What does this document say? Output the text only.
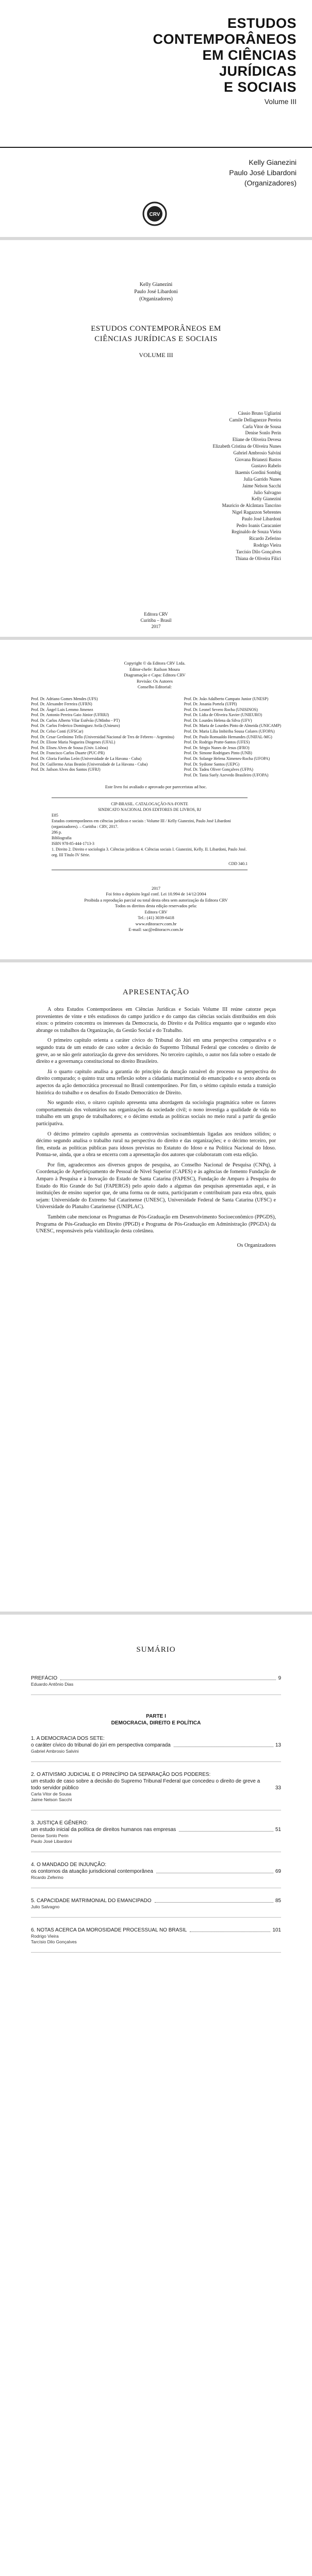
ESTUDOS
CONTEMPORÂNEOS
EM CIÊNCIAS
JURÍDICAS
E SOCIAIS
Volume III
Kelly Gianezini
Paulo José Libardoni
(Organizadores)
CRV
Kelly Gianezini
Paulo José Libardoni
(Organizadores)
ESTUDOS CONTEMPORÂNEOS EM
CIÊNCIAS JURÍDICAS E SOCIAIS
VOLUME III
Cássio Bruno Ugliarini
Camile Dellagnezze Pereira
Carla Vitor de Sousa
Denise Sonlo Perin
Eliane de Oliveira Devesa
Elizabeth Cristina de Oliveira Nunes
Gabriel Ambrosio Salvini
Giovana Brianezi Bastos
Gustavo Rabelo
Ikaemis Gordini Sombig
Julia Garrido Nunes
Jaime Nelson Sacchi
Julio Salvagno
Kelly Gianezini
Mauricio de Alcântara Tancrino
Nigel Ragazzon Sebrentes
Paulo José Libardoni
Pedro Ioanis Caracanier
Reginaldo de Souza Vieira
Ricardo Zeferino
Rodrigo Vieira
Tarcísio Dilo Gonçalves
Thiana de Oliveira Filici
Editora CRV
Curitiba – Brasil
2017
Copyright © da Editora CRV Ltda.
Editor-chefe: Railson Moura
Diagramação e Capa: Editora CRV
Revisão: Os Autores
Conselho Editorial:
Prof. Dr. Adriano Gomes Mendes (UFS)
Prof. Dr. Alexandre Ferreira (UFRN)
Prof. Dr. Ángel Luis Lemmo Jimenez
Prof. Dr. Antonio Pereira Gaio Júnior (UFRRJ)
Prof. Dr. Carlos Alberto Vilar Estêvão (UMinho - PT)
Prof. Dr. Carlos Federico Dominguez Avila (Unieuro)
Prof. Dr. Celso Conti (UFSCar)
Prof. Dr. Cesar Gerônimo Tello (Universidad Nacional de Tres de Febrero - Argentina)
Prof. Dr. Elione Maria Nogueira Diogenes (UFAL)
Prof. Dr. Eliseu Alves de Sousa (Univ. Lisboa)
Prof. Dr. Francisco Carlos Duarte (PUC-PR)
Prof. Dr. Gloria Fariñas León (Universidade de La Havana - Cuba)
Prof. Dr. Guillermo Arias Beatón (Universidade de La Havana - Cuba)
Prof. Dr. Jailson Alves dos Santos (UFRJ)
Prof. Dr. João Adalberto Campato Junior (UNESP)
Prof. Dr. Josania Portela (UFPI)
Prof. Dr. Leonel Severo Rocha (UNISINOS)
Prof. Dr. Lídia de Oliveira Xavier (UNIEURO)
Prof. Dr. Lourdes Helena da Silva (UFV)
Prof. Dr. Maria de Lourdes Pinto de Almeida (UNICAMP)
Prof. Dr. Maria Lília Imbiriba Sousa Colares (UFOPA)
Prof. Dr. Paulo Romualdo Hernandes (UNIFAL-MG)
Prof. Dr. Rodrigo Pratte-Santos (UFES)
Prof. Dr. Sérgio Nunes de Jesus (IFRO)
Prof. Dr. Simone Rodrigues Pinto (UNB)
Prof. Dr. Solange Helena Ximenes-Rocha (UFOPA)
Prof. Dr. Sydione Santos (UEPG)
Prof. Dr. Tadeu Oliver Gonçalves (UFPA)
Prof. Dr. Tania Suely Azevedo Brasileiro (UFOPA)
Este livro foi avaliado e aprovado por pareceristas ad hoc.
CIP-BRASIL. CATALOGAÇÃO-NA-FONTE
SINDICATO NACIONAL DOS EDITORES DE LIVROS, RJ
E85
Estudos contemporâneos em ciências jurídicas e sociais : Volume III / Kelly Gianezini, Paulo José Libardoni (organizadores). – Curitiba : CRV, 2017.
286 p.
Bibliografia
ISBN 978-85-444-1713-3
1. Direito 2. Direito e sociologia 3. Ciências jurídicas 4. Ciências sociais I. Gianezini, Kelly. II. Libardoni, Paulo José. org. III Título IV Série.
CDD 340.1
2017
Foi feito o depósito legal conf. Lei 10.994 de 14/12/2004
Proibida a reprodução parcial ou total desta obra sem autorização da Editora CRV
Todos os direitos desta edição reservados pela:
Editora CRV
Tel.: (41) 3039-6418
www.editoracrv.com.br
E-mail: sac@editoracrv.com.br
APRESENTAÇÃO

A obra Estudos Contemporâneos em Ciências Jurídicas e Sociais Volume III reúne catorze peças provenientes de vinte e três estudiosos do campo jurídico e do campo das ciências sociais distribuídos em dois eixos: o primeiro concentra os interesses da Democracia, do Direito e da Política enquanto que o segundo eixo abrange os trabalhos da Organização, da Gestão Social e do Trabalho.

O primeiro capítulo orienta a caráter cívico do Tribunal do Júri em uma perspectiva comparativa e o segundo trata de um estudo de caso sobre a decisão do Supremo Tribunal Federal que concedeu o direito de greve, ao se não gerir autorização da greve dos servidores. No terceiro capítulo, o autor nos fala sobre o estado de direito e a governança constitucional no direito Brasileiro.

Já o quarto capítulo analisa a garantia do princípio da duração razoável do processo na perspectiva do direito comparado; o quinto traz uma reflexão sobre a cidadania matrimonial do emancipado e o sexto aborda os aspectos da ação democrática processual no Brasil contemporâneo. Por fim, o sétimo capítulo estuda a transição histórica do trabalho e os desafios do Estado Democrático de Direito.

No segundo eixo, o oitavo capítulo apresenta uma abordagem da sociologia pragmática sobre os fatores comportamentais dos voluntários nas organizações da sociedade civil; o nono investiga a qualidade de vida no trabalho em um grupo de trabalhadores; e o décimo estuda as políticas sociais no meio rural a partir da gestão participativa.

O décimo primeiro capítulo apresenta as controvérsias socioambientais ligadas aos resíduos sólidos; o décimo segundo analisa o trabalho rural na perspectiva do direito e das organizações; e o décimo terceiro, por fim, estuda as políticas públicas para idosos previstas no Estatuto do Idoso e na Política Nacional do Idoso. Pontua-se, ainda, que a obra se encerra com a apresentação dos autores que colaboraram com esta edição.

Por fim, agradecemos aos diversos grupos de pesquisa, ao Conselho Nacional de Pesquisa (CNPq), à Coordenação de Aperfeiçoamento de Pessoal de Nível Superior (CAPES) e às agências de fomento Fundação de Amparo à Pesquisa e à Inovação do Estado de Santa Catarina (FAPESC), Fundação de Amparo à Pesquisa do Estado do Rio Grande do Sul (FAPERGS) pelo apoio dado a algumas das pesquisas apresentadas aqui, e às instituições de ensino superior que, de uma forma ou de outra, participaram e contribuíram para esta obra, quais sejam: Universidade do Extremo Sul Catarinense (UNESC), Universidade Federal de Santa Catarina (UFSC) e Universidade do Planalto Catarinense (UNIPLAC).

Também cabe mencionar os Programas de Pós-Graduação em Desenvolvimento Socioeconômico (PPGDS), Programa de Pós-Graduação em Direito (PPGD) e Programa de Pós-Graduação em Administração (PPGDA) da UNESC, responsáveis pela viabilização desta coletânea.

Os Organizadores

SUMÁRIO
PREFÁCIO	9
Eduardo Antônio Dias
PARTE I
DEMOCRACIA, DIREITO E POLÍTICA
1. A DEMOCRACIA DOS SETE:
o caráter cívico do tribunal do júri em perspectiva comparada	13
Gabriel Ambrosio Salvini
2. O ATIVISMO JUDICIAL E O PRINCÍPIO DA SEPARAÇÃO DOS PODERES:
um estudo de caso sobre a decisão do Supremo Tribunal Federal que concedeu o direito de greve a todo servidor público	33
Carla Vitor de Sousa
Jaime Nelson Sacchi
3. JUSTIÇA E GÊNERO:
um estudo inicial da política de direitos humanos nas empresas	51
Denise Sonlo Perin
Paulo José Libardoni
4. O MANDADO DE INJUNÇÃO:
os contornos da atuação jurisdicional contemporânea	69
Ricardo Zeferino
5. CAPACIDADE MATRIMONIAL DO EMANCIPADO	85
Julio Salvagno
6. NOTAS ACERCA DA MOROSIDADE PROCESSUAL NO BRASIL	101
Rodrigo Vieira
Tarcísio Dilo Gonçalves
